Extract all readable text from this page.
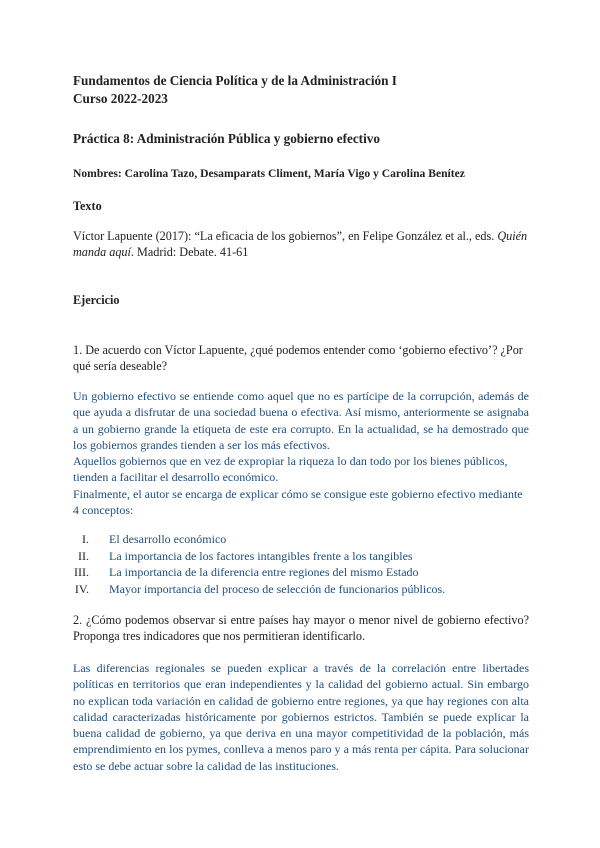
Fundamentos de Ciencia Política y de la Administración I

Curso 2022-2023

Práctica 8: Administración Pública y gobierno efectivo

Nombres: Carolina Tazo, Desamparats Climent, María Vigo y Carolina Benítez

Texto

Víctor Lapuente (2017): “La eficacia de los gobiernos”, en Felipe González et al., eds. Quién manda aquí. Madrid: Debate. 41-61

Ejercicio

1. De acuerdo con Víctor Lapuente, ¿qué podemos entender como ‘gobierno efectivo’? ¿Por qué sería deseable?

Un gobierno efectivo se entiende como aquel que no es partícipe de la corrupción, además de que ayuda a disfrutar de una sociedad buena o efectiva. Así mismo, anteriormente se asignaba a un gobierno grande la etiqueta de este era corrupto. En la actualidad, se ha demostrado que los gobiernos grandes tienden a ser los más efectivos.

Aquellos gobiernos que en vez de expropiar la riqueza lo dan todo por los bienes públicos, tienden a facilitar el desarrollo económico.

Finalmente, el autor se encarga de explicar cómo se consigue este gobierno efectivo mediante 4 conceptos:

I. El desarrollo económico
II. La importancia de los factores intangibles frente a los tangibles
III. La importancia de la diferencia entre regiones del mismo Estado
IV. Mayor importancia del proceso de selección de funcionarios públicos.

2. ¿Cómo podemos observar si entre países hay mayor o menor nivel de gobierno efectivo? Proponga tres indicadores que nos permitieran identificarlo.

Las diferencias regionales se pueden explicar a través de la correlación entre libertades políticas en territorios que eran independientes y la calidad del gobierno actual. Sin embargo no explican toda variación en calidad de gobierno entre regiones, ya que hay regiones con alta calidad caracterizadas históricamente por gobiernos estrictos. También se puede explicar la buena calidad de gobierno, ya que deriva en una mayor competitividad de la población, más emprendimiento en los pymes, conlleva a menos paro y a más renta per cápita. Para solucionar esto se debe actuar sobre la calidad de las instituciones.
